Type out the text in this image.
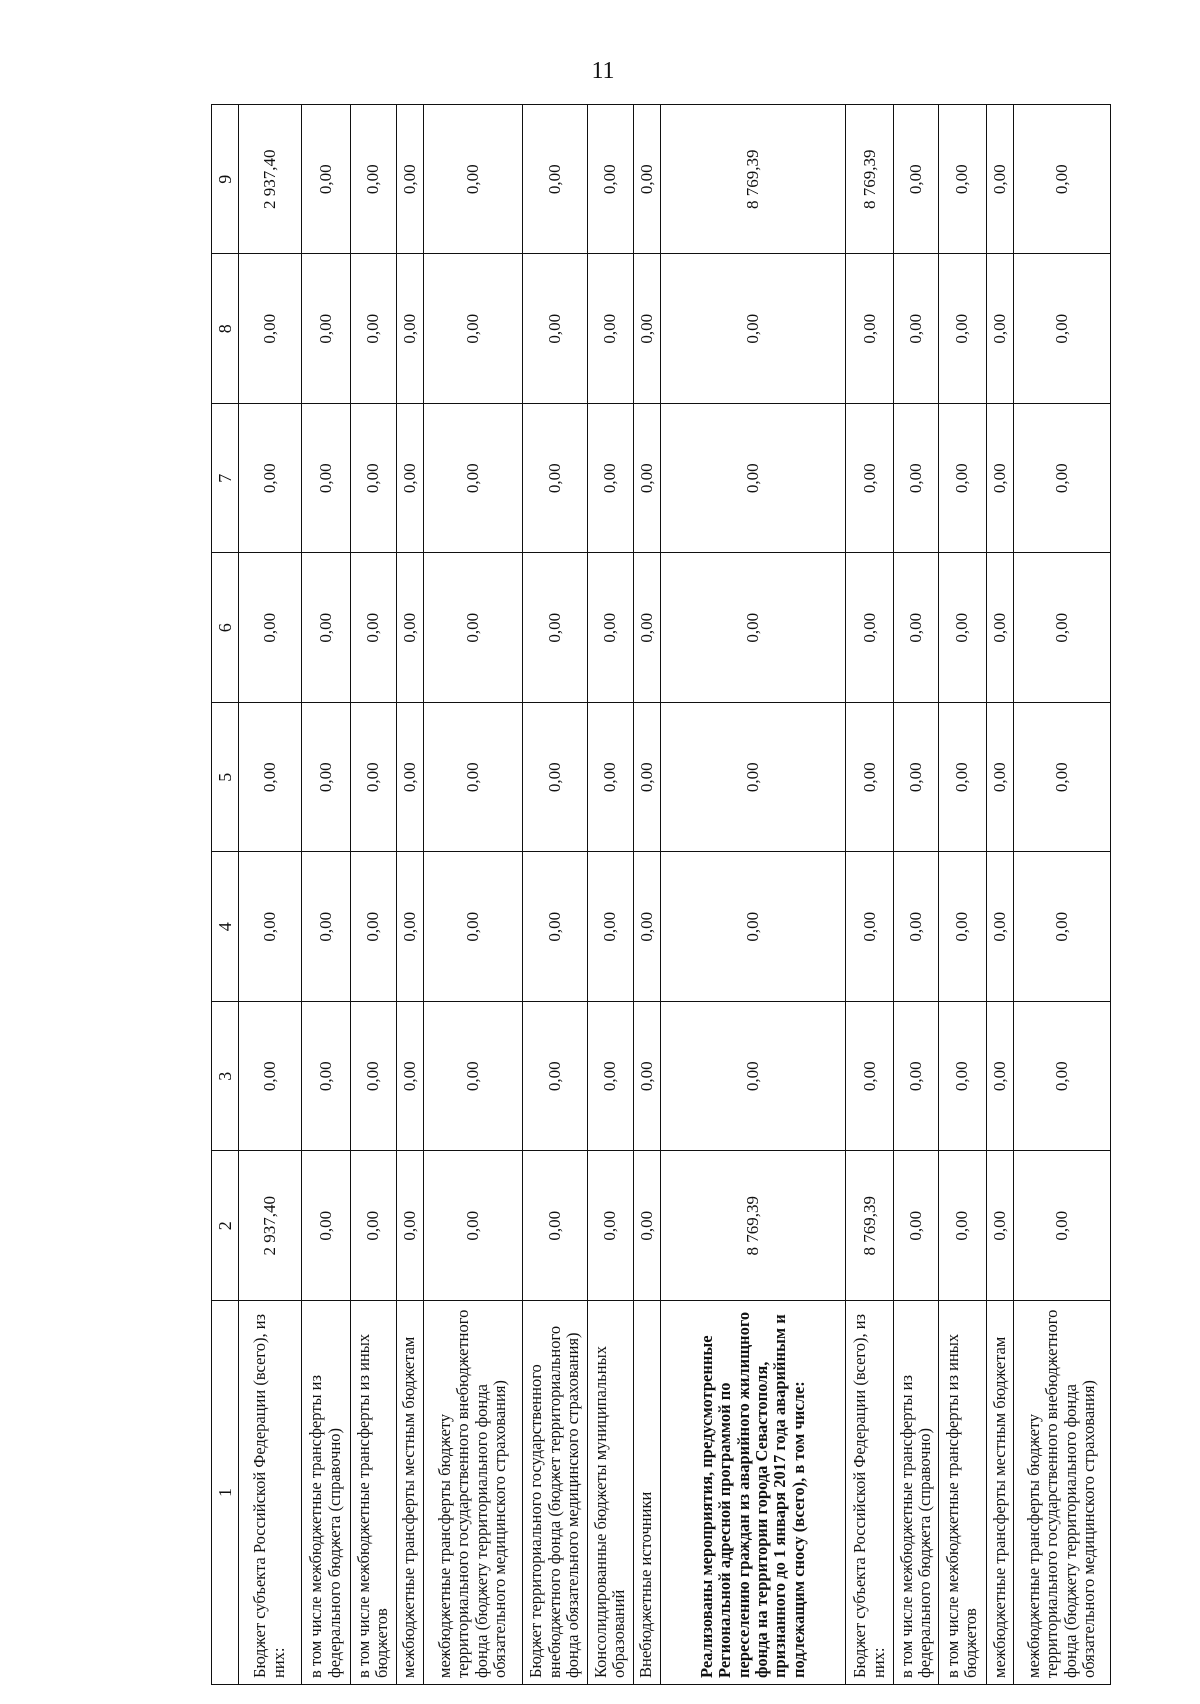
11
1	2	3	4	5	6	7	8	9
Бюджет субъекта Российской Федерации (всего), из них:	2 937,40	0,00	0,00	0,00	0,00	0,00	0,00	2 937,40
в том числе межбюджетные трансферты из федерального бюджета (справочно)	0,00	0,00	0,00	0,00	0,00	0,00	0,00	0,00
в том числе межбюджетные трансферты из иных бюджетов	0,00	0,00	0,00	0,00	0,00	0,00	0,00	0,00
межбюджетные трансферты местным бюджетам	0,00	0,00	0,00	0,00	0,00	0,00	0,00	0,00
межбюджетные трансферты бюджету территориального государственного внебюджетного фонда (бюджету территориального фонда обязательного медицинского страхования)	0,00	0,00	0,00	0,00	0,00	0,00	0,00	0,00
Бюджет территориального государственного внебюджетного фонда (бюджет территориального фонда обязательного медицинского страхования)	0,00	0,00	0,00	0,00	0,00	0,00	0,00	0,00
Консолидированные бюджеты муниципальных образований	0,00	0,00	0,00	0,00	0,00	0,00	0,00	0,00
Внебюджетные источники	0,00	0,00	0,00	0,00	0,00	0,00	0,00	0,00
Реализованы мероприятия, предусмотренные Региональной адресной программой по переселению граждан из аварийного жилищного фонда на территории города Севастополя, признанного до 1 января 2017 года аварийным и подлежащим сносу (всего), в том числе:	8 769,39	0,00	0,00	0,00	0,00	0,00	0,00	8 769,39
Бюджет субъекта Российской Федерации (всего), из них:	8 769,39	0,00	0,00	0,00	0,00	0,00	0,00	8 769,39
в том числе межбюджетные трансферты из федерального бюджета (справочно)	0,00	0,00	0,00	0,00	0,00	0,00	0,00	0,00
в том числе межбюджетные трансферты из иных бюджетов	0,00	0,00	0,00	0,00	0,00	0,00	0,00	0,00
межбюджетные трансферты местным бюджетам	0,00	0,00	0,00	0,00	0,00	0,00	0,00	0,00
межбюджетные трансферты бюджету территориального государственного внебюджетного фонда (бюджету территориального фонда обязательного медицинского страхования)	0,00	0,00	0,00	0,00	0,00	0,00	0,00	0,00
